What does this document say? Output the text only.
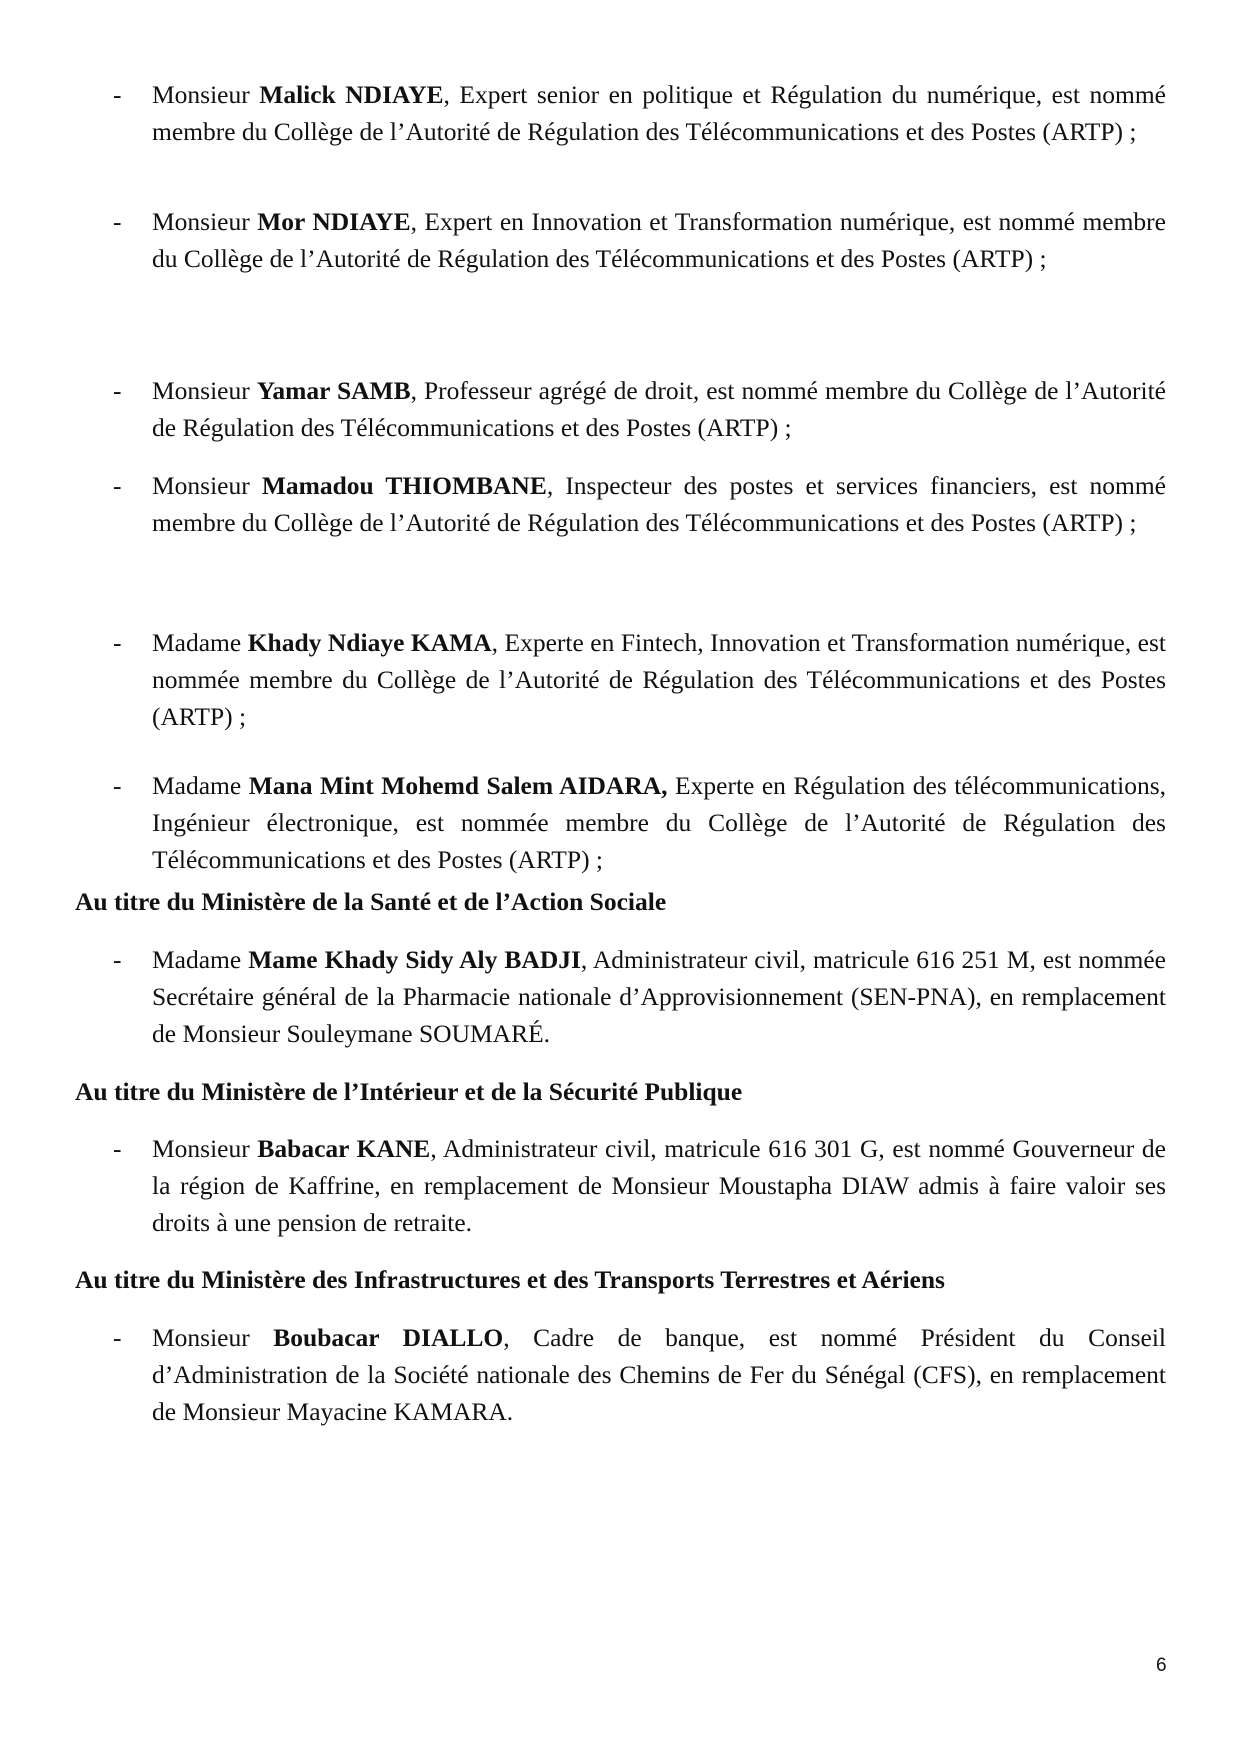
- Monsieur Malick NDIAYE, Expert senior en politique et Régulation du numérique, est nommé membre du Collège de l’Autorité de Régulation des Télécommunications et des Postes (ARTP) ;
- Monsieur Mor NDIAYE, Expert en Innovation et Transformation numérique, est nommé membre du Collège de l’Autorité de Régulation des Télécommunications et des Postes (ARTP) ;
- Monsieur Yamar SAMB, Professeur agrégé de droit, est nommé membre du Collège de l’Autorité de Régulation des Télécommunications et des Postes (ARTP) ;
- Monsieur Mamadou THIOMBANE, Inspecteur des postes et services financiers, est nommé membre du Collège de l’Autorité de Régulation des Télécommunications et des Postes (ARTP) ;
- Madame Khady Ndiaye KAMA, Experte en Fintech, Innovation et Transformation numérique, est nommée membre du Collège de l’Autorité de Régulation des Télécommunications et des Postes (ARTP) ;
- Madame Mana Mint Mohemd Salem AIDARA, Experte en Régulation des télécommunications, Ingénieur électronique, est nommée membre du Collège de l’Autorité de Régulation des Télécommunications et des Postes (ARTP) ;
Au titre du Ministère de la Santé et de l’Action Sociale
- Madame Mame Khady Sidy Aly BADJI, Administrateur civil, matricule 616 251 M, est nommée Secrétaire général de la Pharmacie nationale d’Approvisionnement (SEN-PNA), en remplacement de Monsieur Souleymane SOUMARÉ.
Au titre du Ministère de l’Intérieur et de la Sécurité Publique
- Monsieur Babacar KANE, Administrateur civil, matricule 616 301 G, est nommé Gouverneur de la région de Kaffrine, en remplacement de Monsieur Moustapha DIAW admis à faire valoir ses droits à une pension de retraite.
Au titre du Ministère des Infrastructures et des Transports Terrestres et Aériens
- Monsieur Boubacar DIALLO, Cadre de banque, est nommé Président du Conseil d’Administration de la Société nationale des Chemins de Fer du Sénégal (CFS), en remplacement de Monsieur Mayacine KAMARA.
6
